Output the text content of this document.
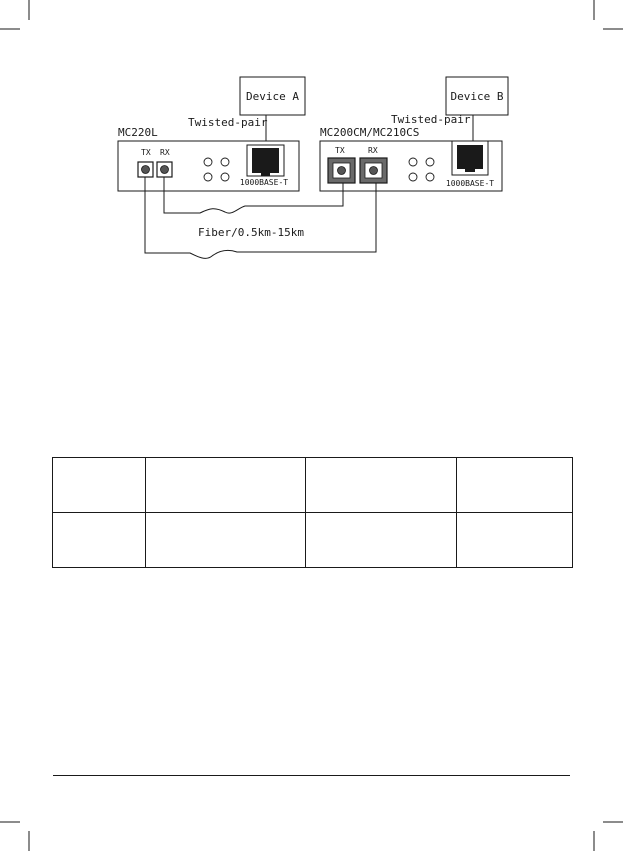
Device A	Device B
Twisted-pair	Twisted-pair
MC220L
TX RX
1000BASE-T
MC200CM/MC210CS
TX	RX
1000BASE-T
Fiber/0.5km-15km
